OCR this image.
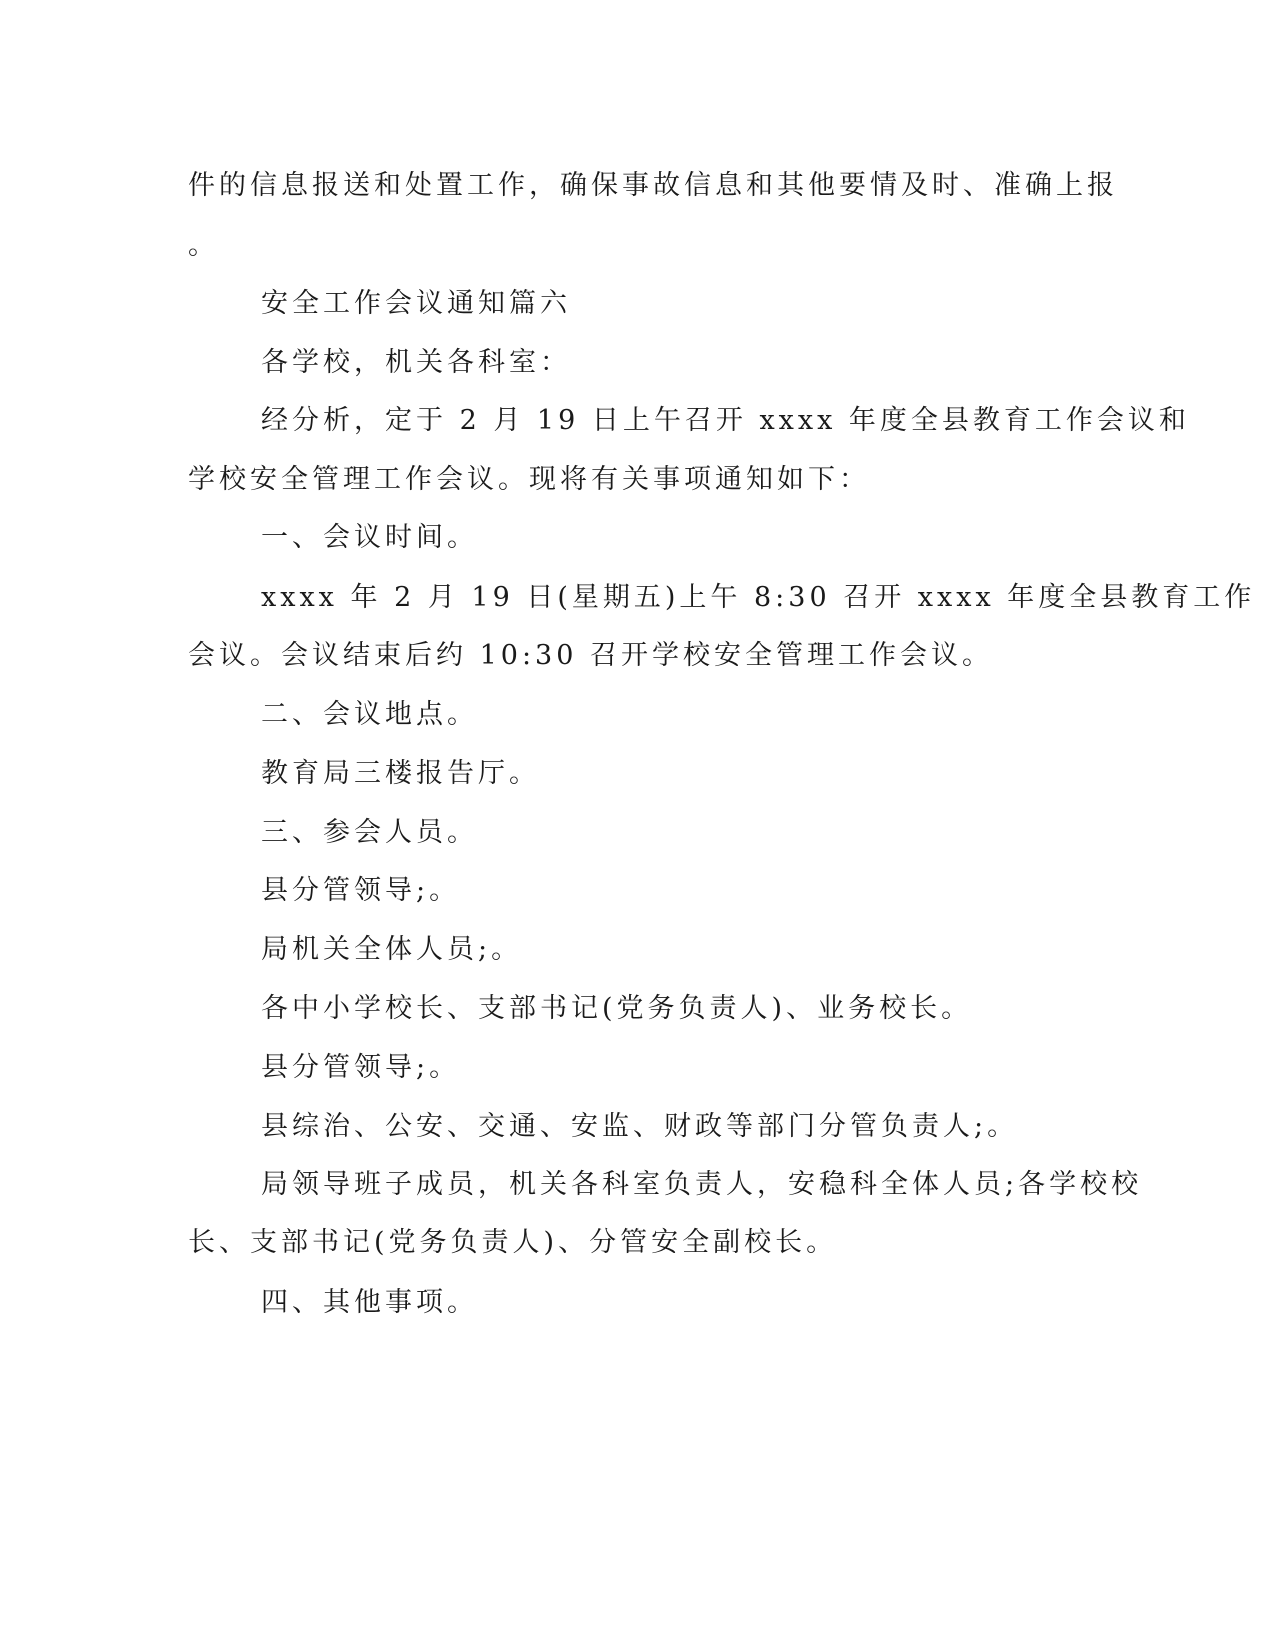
件的信息报送和处置工作，确保事故信息和其他要情及时、准确上报
。
安全工作会议通知篇六
各学校，机关各科室：
经分析，定于 2 月 19 日上午召开 xxxx 年度全县教育工作会议和
学校安全管理工作会议。现将有关事项通知如下：
一、会议时间。
xxxx 年 2 月 19 日(星期五)上午 8:30 召开 xxxx 年度全县教育工作
会议。会议结束后约 10:30 召开学校安全管理工作会议。
二、会议地点。
教育局三楼报告厅。
三、参会人员。
县分管领导;。
局机关全体人员;。
各中小学校长、支部书记(党务负责人)、业务校长。
县分管领导;。
县综治、公安、交通、安监、财政等部门分管负责人;。
局领导班子成员，机关各科室负责人，安稳科全体人员;各学校校
长、支部书记(党务负责人)、分管安全副校长。
四、其他事项。
